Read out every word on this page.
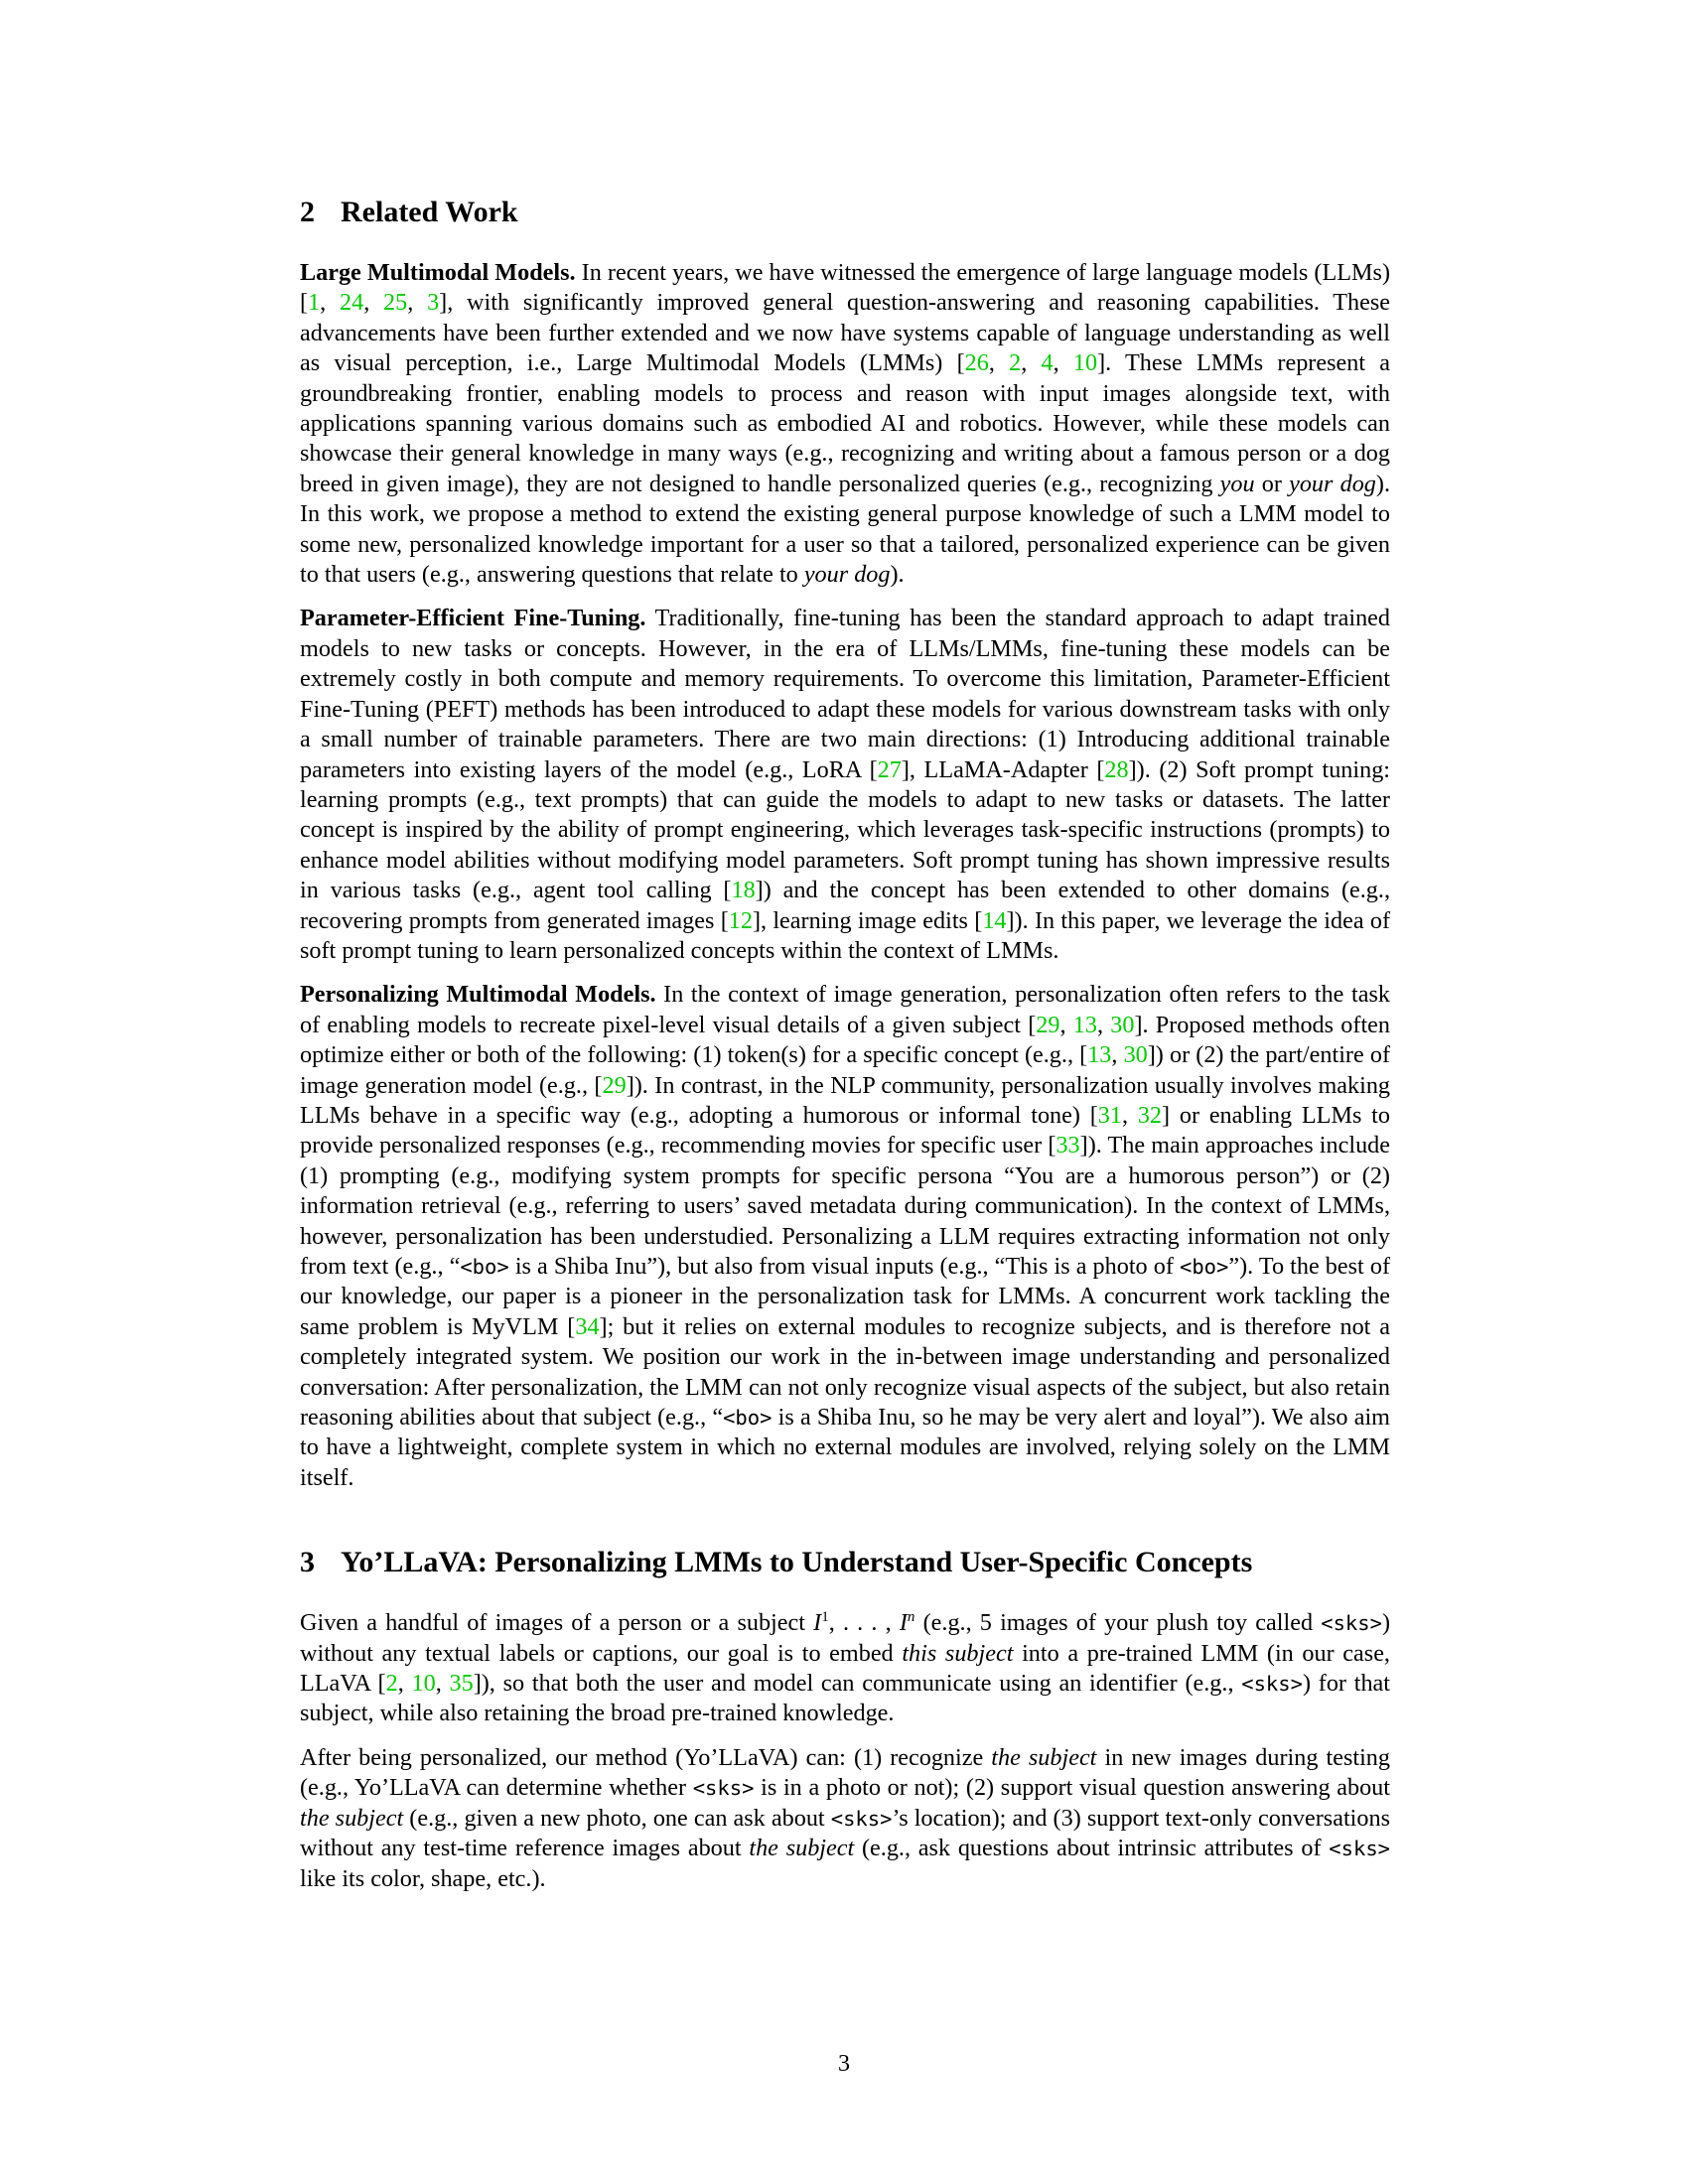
2 Related Work

Large Multimodal Models. In recent years, we have witnessed the emergence of large language models (LLMs) [1, 24, 25, 3], with significantly improved general question-answering and reasoning capabilities. These advancements have been further extended and we now have systems capable of language understanding as well as visual perception, i.e., Large Multimodal Models (LMMs) [26, 2, 4, 10]. These LMMs represent a groundbreaking frontier, enabling models to process and reason with input images alongside text, with applications spanning various domains such as embodied AI and robotics. However, while these models can showcase their general knowledge in many ways (e.g., recognizing and writing about a famous person or a dog breed in given image), they are not designed to handle personalized queries (e.g., recognizing you or your dog). In this work, we propose a method to extend the existing general purpose knowledge of such a LMM model to some new, personalized knowledge important for a user so that a tailored, personalized experience can be given to that users (e.g., answering questions that relate to your dog).

Parameter-Efficient Fine-Tuning. Traditionally, fine-tuning has been the standard approach to adapt trained models to new tasks or concepts. However, in the era of LLMs/LMMs, fine-tuning these models can be extremely costly in both compute and memory requirements. To overcome this limitation, Parameter-Efficient Fine-Tuning (PEFT) methods has been introduced to adapt these models for various downstream tasks with only a small number of trainable parameters. There are two main directions: (1) Introducing additional trainable parameters into existing layers of the model (e.g., LoRA [27], LLaMA-Adapter [28]). (2) Soft prompt tuning: learning prompts (e.g., text prompts) that can guide the models to adapt to new tasks or datasets. The latter concept is inspired by the ability of prompt engineering, which leverages task-specific instructions (prompts) to enhance model abilities without modifying model parameters. Soft prompt tuning has shown impressive results in various tasks (e.g., agent tool calling [18]) and the concept has been extended to other domains (e.g., recovering prompts from generated images [12], learning image edits [14]). In this paper, we leverage the idea of soft prompt tuning to learn personalized concepts within the context of LMMs.

Personalizing Multimodal Models. In the context of image generation, personalization often refers to the task of enabling models to recreate pixel-level visual details of a given subject [29, 13, 30]. Proposed methods often optimize either or both of the following: (1) token(s) for a specific concept (e.g., [13, 30]) or (2) the part/entire of image generation model (e.g., [29]). In contrast, in the NLP community, personalization usually involves making LLMs behave in a specific way (e.g., adopting a humorous or informal tone) [31, 32] or enabling LLMs to provide personalized responses (e.g., recommending movies for specific user [33]). The main approaches include (1) prompting (e.g., modifying system prompts for specific persona “You are a humorous person”) or (2) information retrieval (e.g., referring to users’ saved metadata during communication). In the context of LMMs, however, personalization has been understudied. Personalizing a LLM requires extracting information not only from text (e.g., “<bo> is a Shiba Inu”), but also from visual inputs (e.g., “This is a photo of <bo>”). To the best of our knowledge, our paper is a pioneer in the personalization task for LMMs. A concurrent work tackling the same problem is MyVLM [34]; but it relies on external modules to recognize subjects, and is therefore not a completely integrated system. We position our work in the in-between image understanding and personalized conversation: After personalization, the LMM can not only recognize visual aspects of the subject, but also retain reasoning abilities about that subject (e.g., “<bo> is a Shiba Inu, so he may be very alert and loyal”). We also aim to have a lightweight, complete system in which no external modules are involved, relying solely on the LMM itself.

3 Yo’LLaVA: Personalizing LMMs to Understand User-Specific Concepts

Given a handful of images of a person or a subject $I^1$, . . . , $I^n$ (e.g., 5 images of your plush toy called <sks>) without any textual labels or captions, our goal is to embed this subject into a pre-trained LMM (in our case, LLaVA [2, 10, 35]), so that both the user and model can communicate using an identifier (e.g., <sks>) for that subject, while also retaining the broad pre-trained knowledge.

After being personalized, our method (Yo’LLaVA) can: (1) recognize the subject in new images during testing (e.g., Yo’LLaVA can determine whether <sks> is in a photo or not); (2) support visual question answering about the subject (e.g., given a new photo, one can ask about <sks>’s location); and (3) support text-only conversations without any test-time reference images about the subject (e.g., ask questions about intrinsic attributes of <sks> like its color, shape, etc.).

3
